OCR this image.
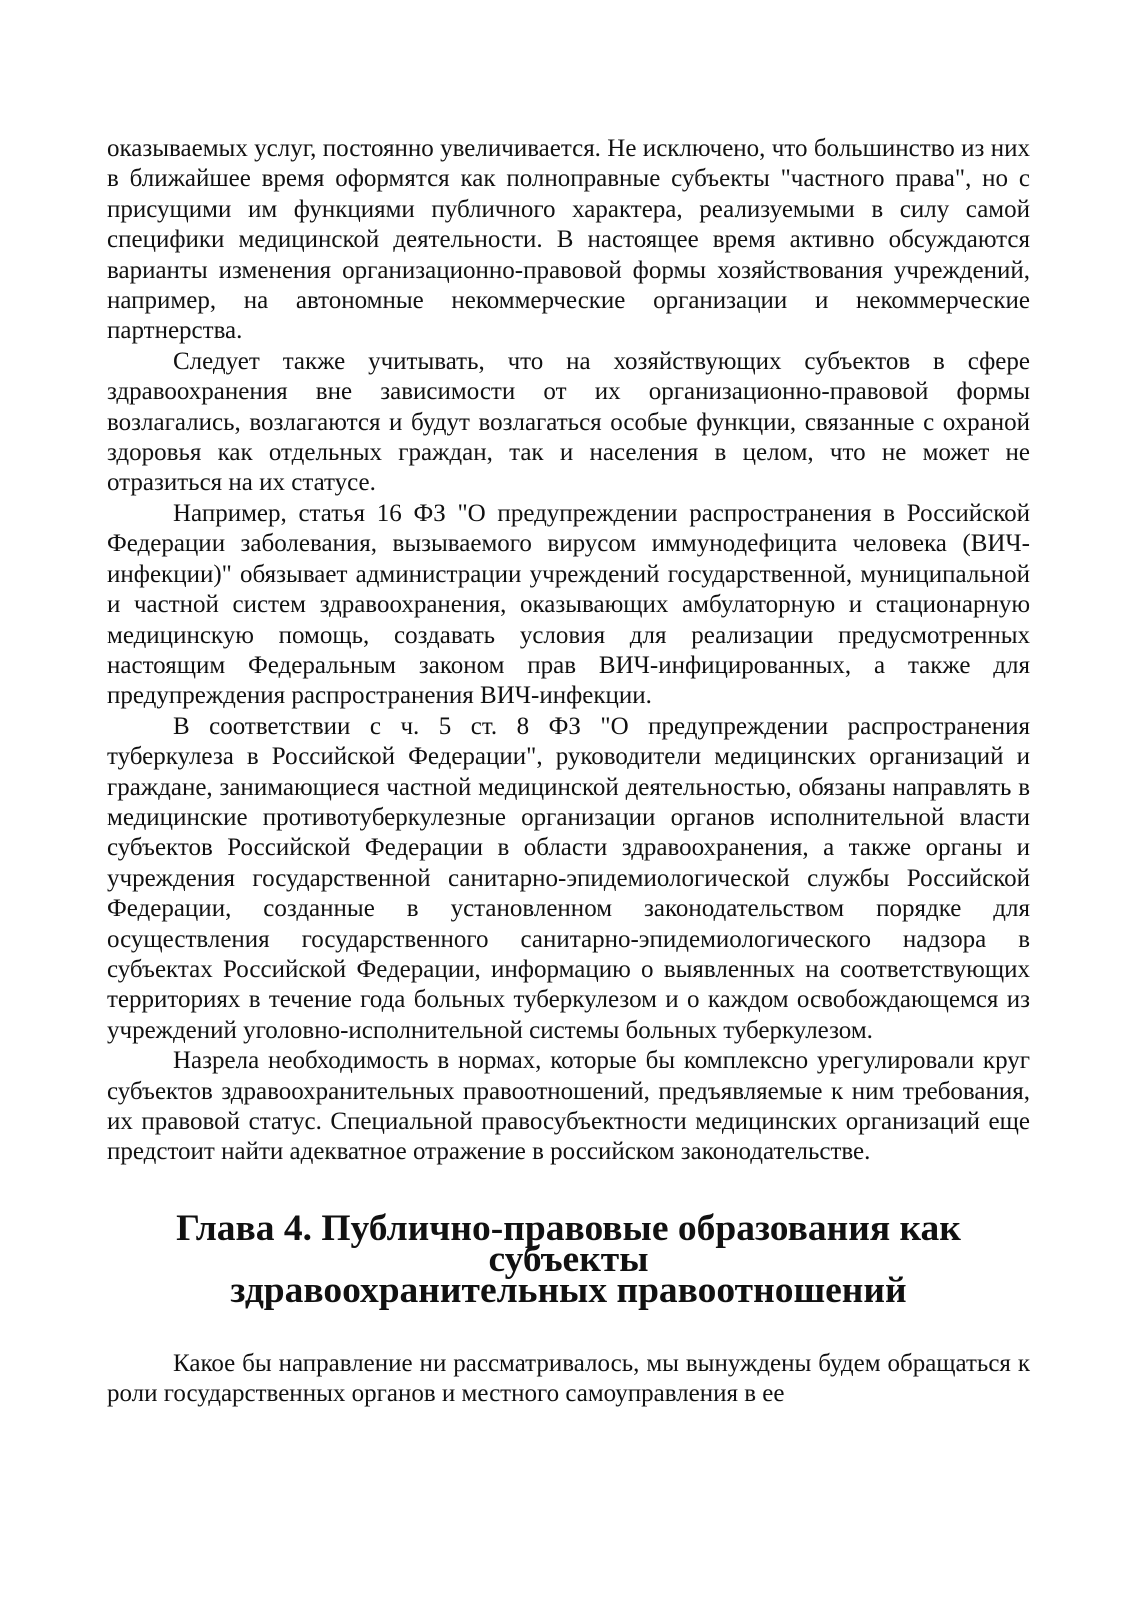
оказываемых услуг, постоянно увеличивается. Не исключено, что большинство из них в ближайшее время оформятся как полноправные субъекты "частного права", но с присущими им функциями публичного характера, реализуемыми в силу самой специфики медицинской деятельности. В настоящее время активно обсуждаются варианты изменения организационно-правовой формы хозяйствования учреждений, например, на автономные некоммерческие организации и некоммерческие партнерства.

Следует также учитывать, что на хозяйствующих субъектов в сфере здравоохранения вне зависимости от их организационно-правовой формы возлагались, возлагаются и будут возлагаться особые функции, связанные с охраной здоровья как отдельных граждан, так и населения в целом, что не может не отразиться на их статусе.

Например, статья 16 ФЗ "О предупреждении распространения в Российской Федерации заболевания, вызываемого вирусом иммунодефицита человека (ВИЧ-инфекции)" обязывает администрации учреждений государственной, муниципальной и частной систем здравоохранения, оказывающих амбулаторную и стационарную медицинскую помощь, создавать условия для реализации предусмотренных настоящим Федеральным законом прав ВИЧ-инфицированных, а также для предупреждения распространения ВИЧ-инфекции.

В соответствии с ч. 5 ст. 8 ФЗ "О предупреждении распространения туберкулеза в Российской Федерации", руководители медицинских организаций и граждане, занимающиеся частной медицинской деятельностью, обязаны направлять в медицинские противотуберкулезные организации органов исполнительной власти субъектов Российской Федерации в области здравоохранения, а также органы и учреждения государственной санитарно-эпидемиологической службы Российской Федерации, созданные в установленном законодательством порядке для осуществления государственного санитарно-эпидемиологического надзора в субъектах Российской Федерации, информацию о выявленных на соответствующих территориях в течение года больных туберкулезом и о каждом освобождающемся из учреждений уголовно-исполнительной системы больных туберкулезом.

Назрела необходимость в нормах, которые бы комплексно урегулировали круг субъектов здравоохранительных правоотношений, предъявляемые к ним требования, их правовой статус. Специальной правосубъектности медицинских организаций еще предстоит найти адекватное отражение в российском законодательстве.

Глава 4. Публично-правовые образования как субъекты
здравоохранительных правоотношений

Какое бы направление ни рассматривалось, мы вынуждены будем обращаться к роли государственных органов и местного самоуправления в ее
